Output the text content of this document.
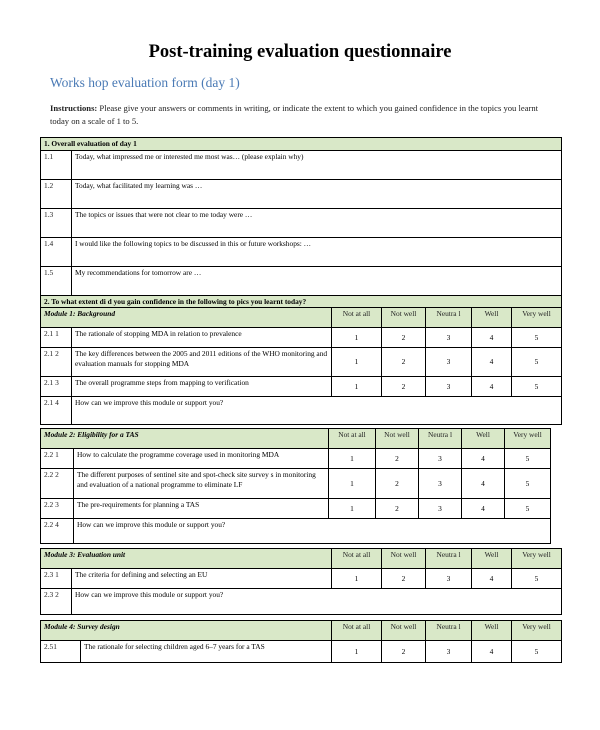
Post-training evaluation questionnaire
Works hop evaluation form (day 1)
Instructions: Please give your answers or comments in writing, or indicate the extent to which you gained confidence in the topics you learnt today on a scale of 1 to 5.
1. Overall evaluation of day 1						
1.1	Today, what impressed me or interested me most was… (please explain why)					
1.2	Today, what facilitated my learning was …					
1.3	The topics or issues that were not clear to me today were …					
1.4	I would like the following topics to be discussed in this or future workshops: …					
1.5	My recommendations for tomorrow are …					
2. To what extent di d you gain confidence in the following to pics you learnt today?						
Module 1: Background		Not at all	Not well	Neutra l	Well	Very well
2.1 1	The rationale of stopping MDA in relation to prevalence	1	2	3	4	5
2.1 2	The key differences between the 2005 and 2011 editions of the WHO monitoring and evaluation manuals for stopping MDA	1	2	3	4	5
2.1 3	The overall programme steps from mapping to verification	1	2	3	4	5
2.1 4	How can we improve this module or support you?					
Module 2: Eligibility for a TAS		Not at all	Not well	Neutra l	Well	Very well
2.2 1	How to calculate the programme coverage used in monitoring MDA	1	2	3	4	5
2.2 2	The different purposes of sentinel site and spot-check site survey s in monitoring and evaluation of a national programme to eliminate LF	1	2	3	4	5
2.2 3	The pre-requirements for planning a TAS	1	2	3	4	5
2.2 4	How can we improve this module or support you?					
Module 3: Evaluation unit		Not at all	Not well	Neutra l	Well	Very well
2.3 1	The criteria for defining and selecting an EU	1	2	3	4	5
2.3 2	How can we improve this module or support you?					
Module 4: Survey design		Not at all	Not well	Neutra l	Well	Very well
2.51	The rationale for selecting children aged 6–7 years for a TAS	1	2	3	4	5
